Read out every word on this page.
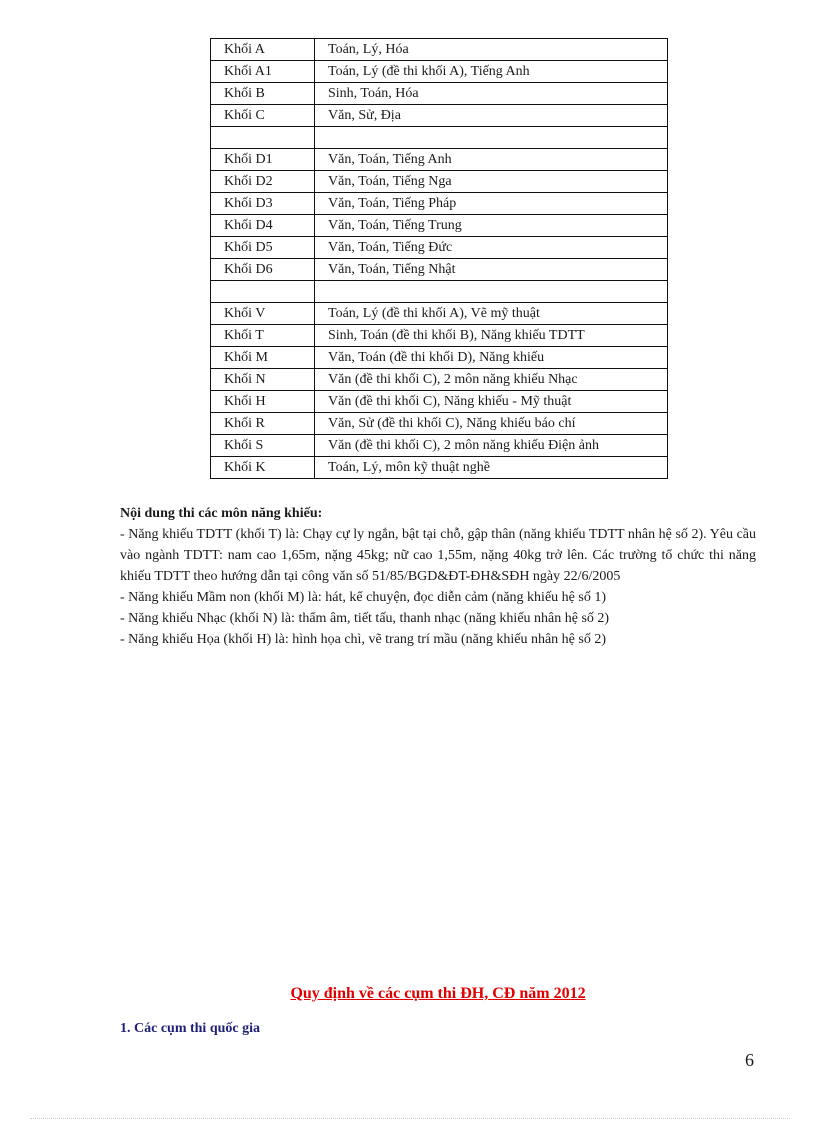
Khối A	Toán, Lý, Hóa
Khối A1	Toán, Lý (đề thi khối A), Tiếng Anh
Khối B	Sinh, Toán, Hóa
Khối C	Văn, Sử, Địa

Khối D1	Văn, Toán, Tiếng Anh
Khối D2	Văn, Toán, Tiếng Nga
Khối D3	Văn, Toán, Tiếng Pháp
Khối D4	Văn, Toán, Tiếng Trung
Khối D5	Văn, Toán, Tiếng Đức
Khối D6	Văn, Toán, Tiếng Nhật

Khối V	Toán, Lý (đề thi khối A), Vẽ mỹ thuật
Khối T	Sinh, Toán (đề thi khối B), Năng khiếu TDTT
Khối M	Văn, Toán (đề thi khối D), Năng khiếu
Khối N	Văn (đề thi khối C), 2 môn năng khiếu Nhạc
Khối H	Văn (đề thi khối C), Năng khiếu - Mỹ thuật
Khối R	Văn, Sử (đề thi khối C), Năng khiếu báo chí
Khối S	Văn (đề thi khối C), 2 môn năng khiếu Điện ảnh
Khối K	Toán, Lý, môn kỹ thuật nghề
Nội dung thi các môn năng khiếu:

- Năng khiếu TDTT (khối T) là: Chạy cự ly ngắn, bật tại chỗ, gập thân (năng khiếu TDTT nhân hệ số 2). Yêu cầu vào ngành TDTT: nam cao 1,65m, nặng 45kg; nữ cao 1,55m, nặng 40kg trở lên. Các trường tổ chức thi năng khiếu TDTT theo hướng dẫn tại công văn số 51/85/BGD&ĐT-ĐH&SĐH ngày 22/6/2005

- Năng khiếu Mầm non (khối M) là: hát, kể chuyện, đọc diễn cảm (năng khiếu hệ số 1)

- Năng khiếu Nhạc (khối N) là: thẩm âm, tiết tấu, thanh nhạc (năng khiếu nhân hệ số 2)

- Năng khiếu Họa (khối H) là: hình họa chì, vẽ trang trí mầu (năng khiếu nhân hệ số 2)

Quy định về các cụm thi ĐH, CĐ năm 2012
1. Các cụm thi quốc gia
6
